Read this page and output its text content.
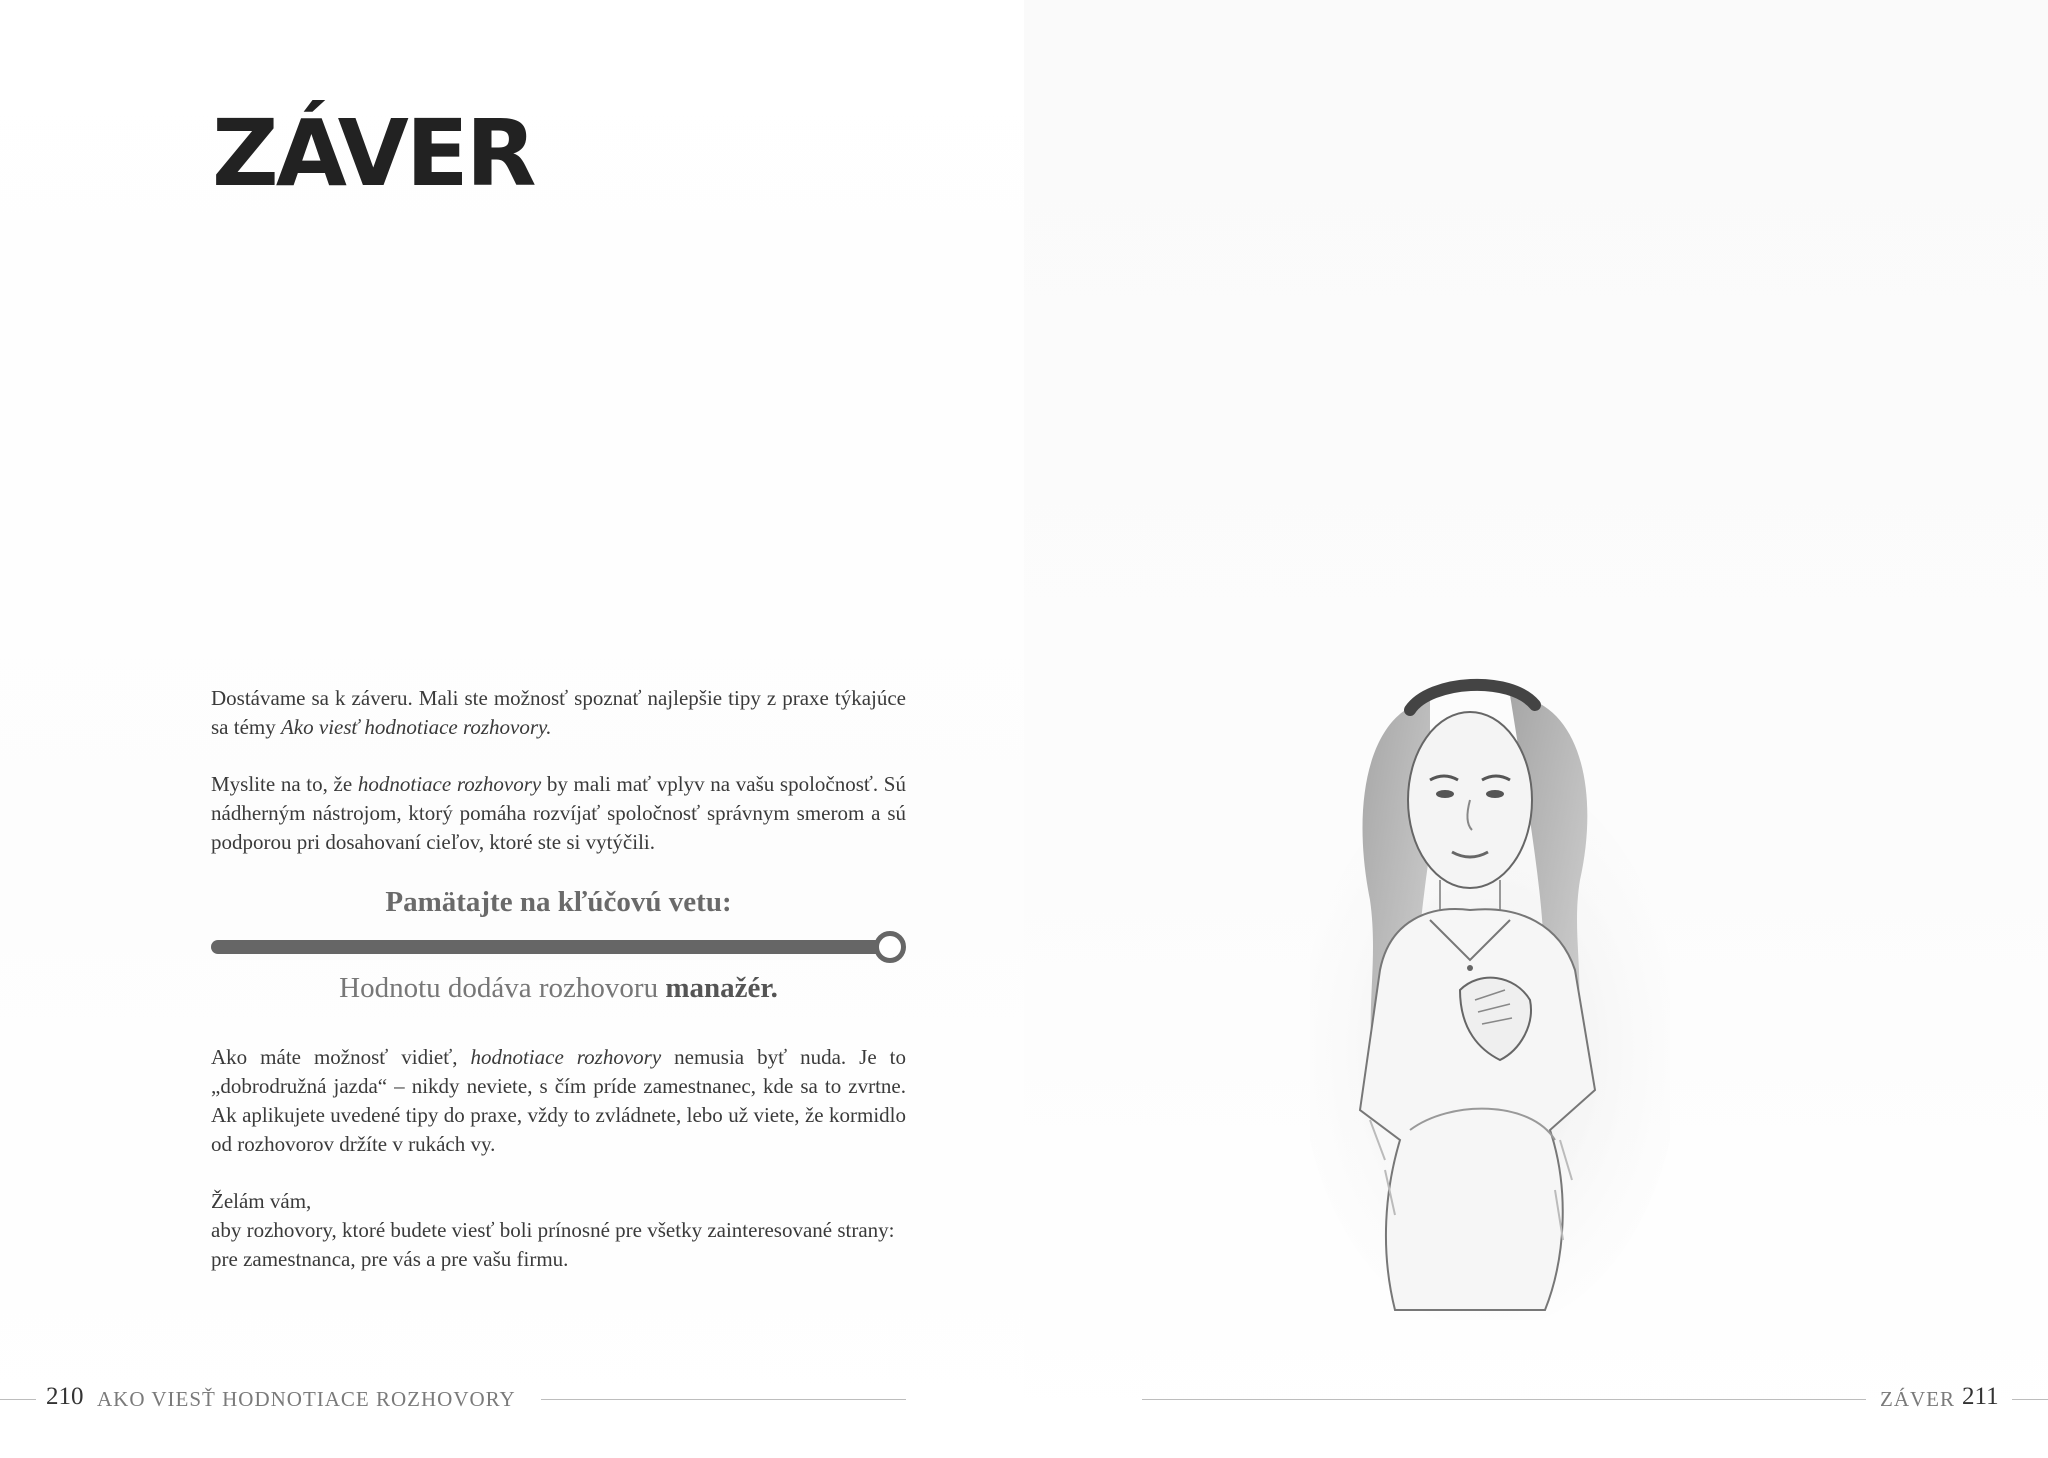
ZÁVER

Dostávame sa k záveru. Mali ste možnosť spoznať najlepšie tipy z praxe týkajúce sa témy Ako viesť hodnotiace rozhovory.

Myslite na to, že hodnotiace rozhovory by mali mať vplyv na vašu spoločnosť. Sú nádherným nástrojom, ktorý pomáha rozvíjať spoločnosť správnym smerom a sú podporou pri dosahovaní cieľov, ktoré ste si vytýčili.

Pamätajte na kľúčovú vetu:
Hodnotu dodáva rozhovoru manažér.

Ako máte možnosť vidieť, hodnotiace rozhovory nemusia byť nuda. Je to „dobrodružná jazda“ – nikdy neviete, s čím príde zamestnanec, kde sa to zvrtne. Ak aplikujete uvedené tipy do praxe, vždy to zvládnete, lebo už viete, že kormidlo od rozhovorov držíte v rukách vy.

Želám vám,

aby rozhovory, ktoré budete viesť boli prínosné pre všetky zainteresované strany:

pre zamestnanca, pre vás a pre vašu firmu.

210 AKO VIESŤ HODNOTIACE ROZHOVORY	ZÁVER 211
